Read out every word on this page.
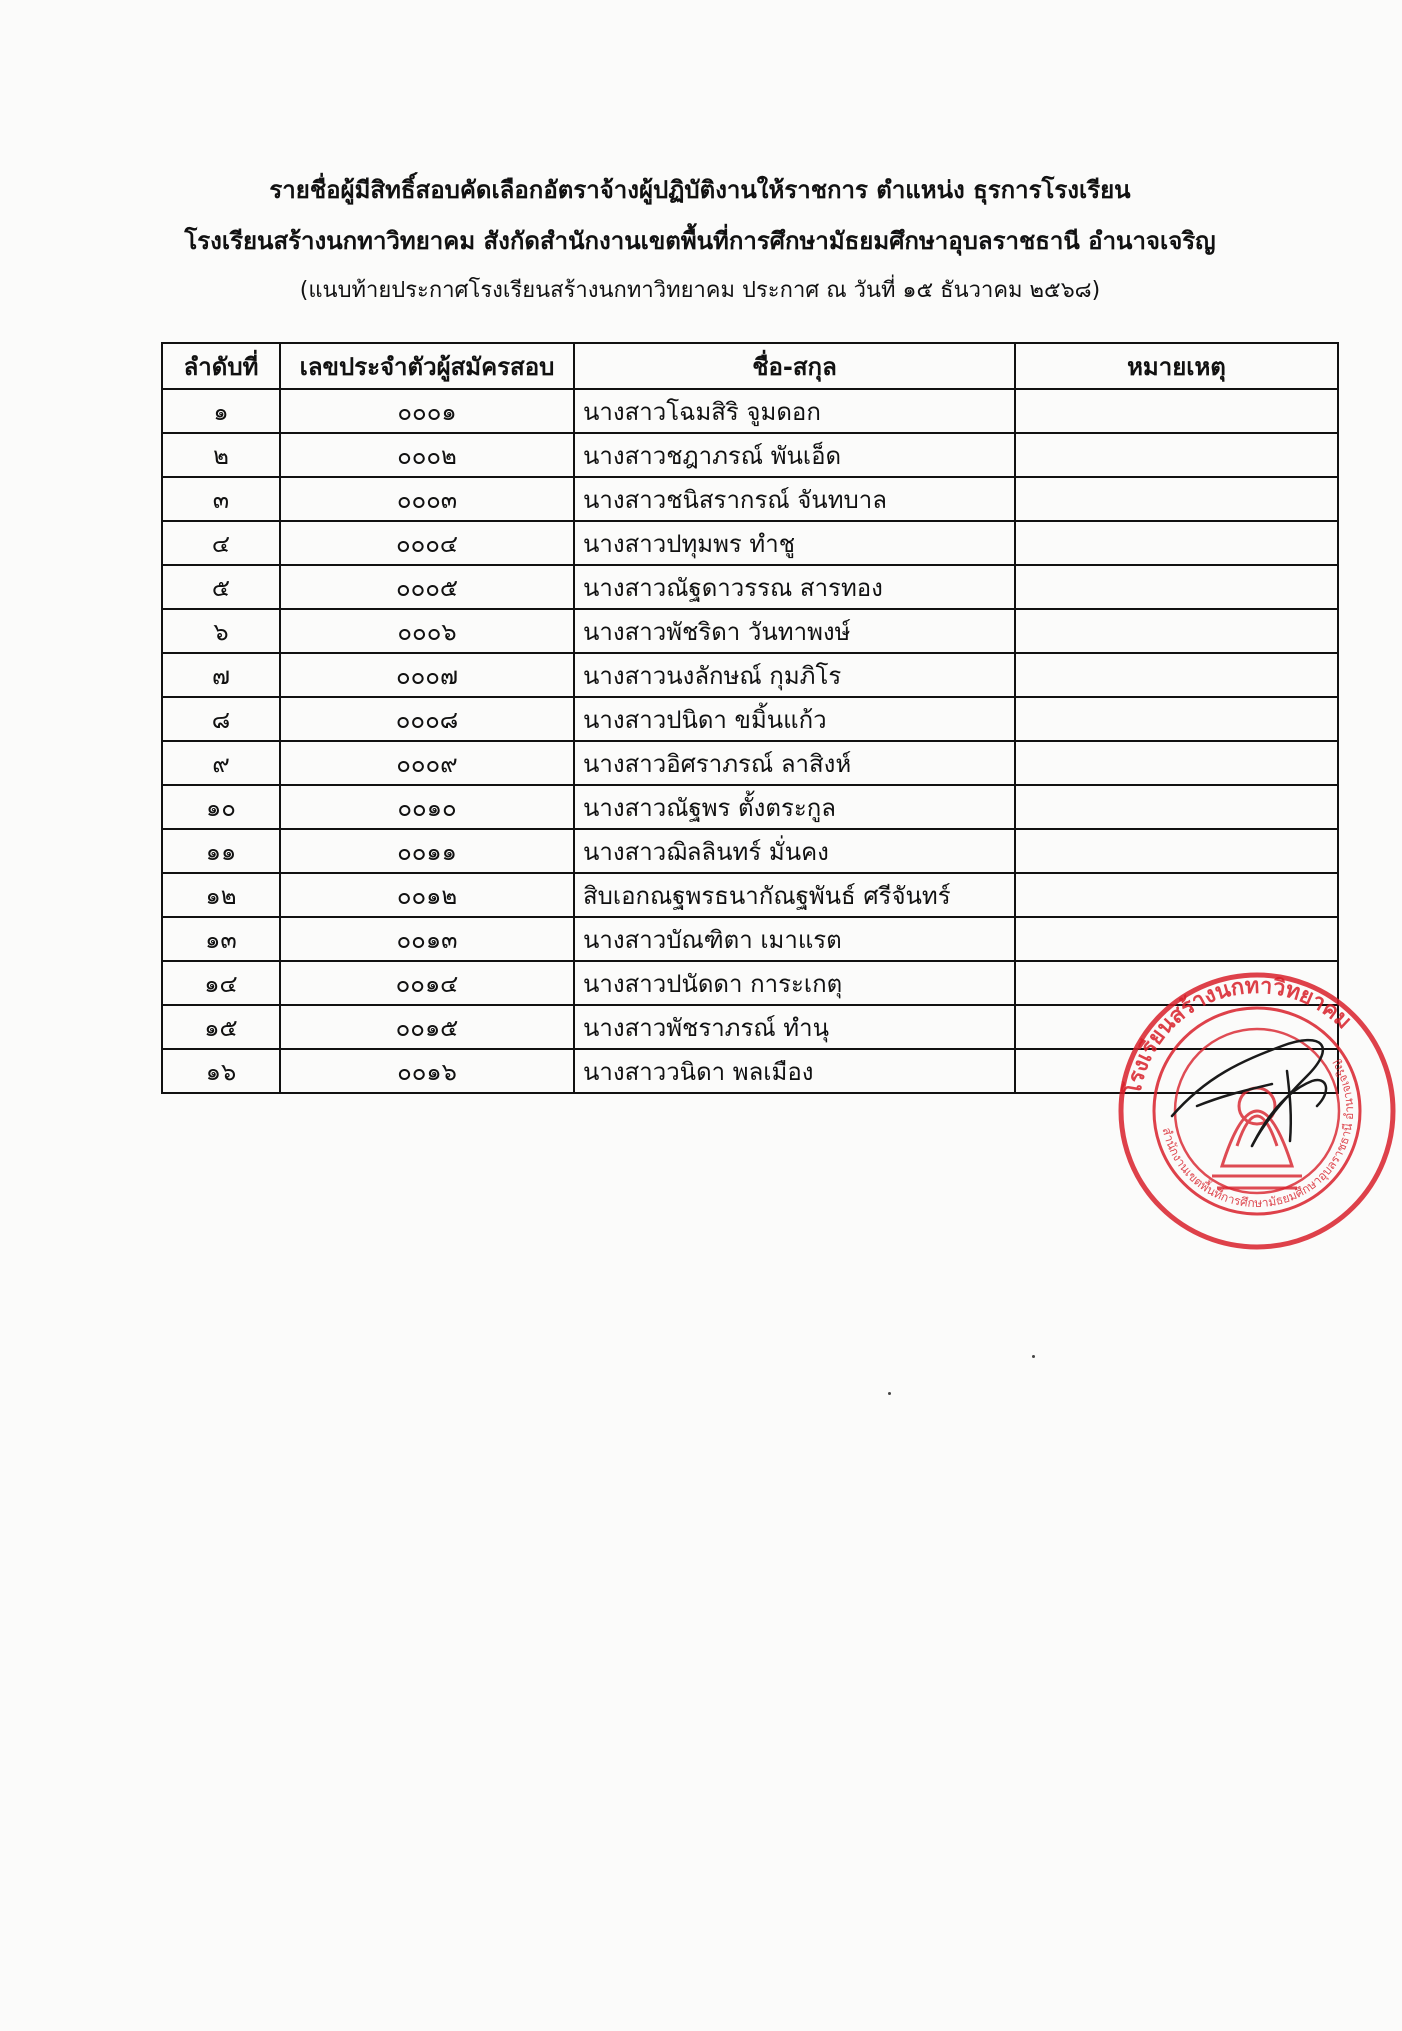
รายชื่อผู้มีสิทธิ์สอบคัดเลือกอัตราจ้างผู้ปฏิบัติงานให้ราชการ ตำแหน่ง ธุรการโรงเรียน
โรงเรียนสร้างนกทาวิทยาคม สังกัดสำนักงานเขตพื้นที่การศึกษามัธยมศึกษาอุบลราชธานี อำนาจเจริญ
(แนบท้ายประกาศโรงเรียนสร้างนกทาวิทยาคม ประกาศ ณ วันที่ ๑๕ ธันวาคม ๒๕๖๘)
ลำดับที่	เลขประจำตัวผู้สมัครสอบ	ชื่อ-สกุล	หมายเหตุ
๑	๐๐๐๑	นางสาวโฉมสิริ จูมดอก	
๒	๐๐๐๒	นางสาวชฎาภรณ์ พันเอ็ด	
๓	๐๐๐๓	นางสาวชนิสรากรณ์ จันทบาล	
๔	๐๐๐๔	นางสาวปทุมพร ทำชู	
๕	๐๐๐๕	นางสาวณัฐดาวรรณ สารทอง	
๖	๐๐๐๖	นางสาวพัชริดา วันทาพงษ์	
๗	๐๐๐๗	นางสาวนงลักษณ์ กุมภิโร	
๘	๐๐๐๘	นางสาวปนิดา ขมิ้นแก้ว	
๙	๐๐๐๙	นางสาวอิศราภรณ์ ลาสิงห์	
๑๐	๐๐๑๐	นางสาวณัฐพร ตั้งตระกูล	
๑๑	๐๐๑๑	นางสาวฌิลลินทร์ มั่นคง	
๑๒	๐๐๑๒	สิบเอกณฐพรธนากัณฐพันธ์ ศรีจันทร์	
๑๓	๐๐๑๓	นางสาวบัณฑิตา เมาแรต	
๑๔	๐๐๑๔	นางสาวปนัดดา การะเกตุ	
๑๕	๐๐๑๕	นางสาวพัชราภรณ์ ทำนุ	
๑๖	๐๐๑๖	นางสาววนิดา พลเมือง	
โรงเรียนสร้างนกทาวิทยาคม
สำนักงานเขตพื้นที่การศึกษามัธยมศึกษาอุบลราชธานี อำนาจเจริญ
